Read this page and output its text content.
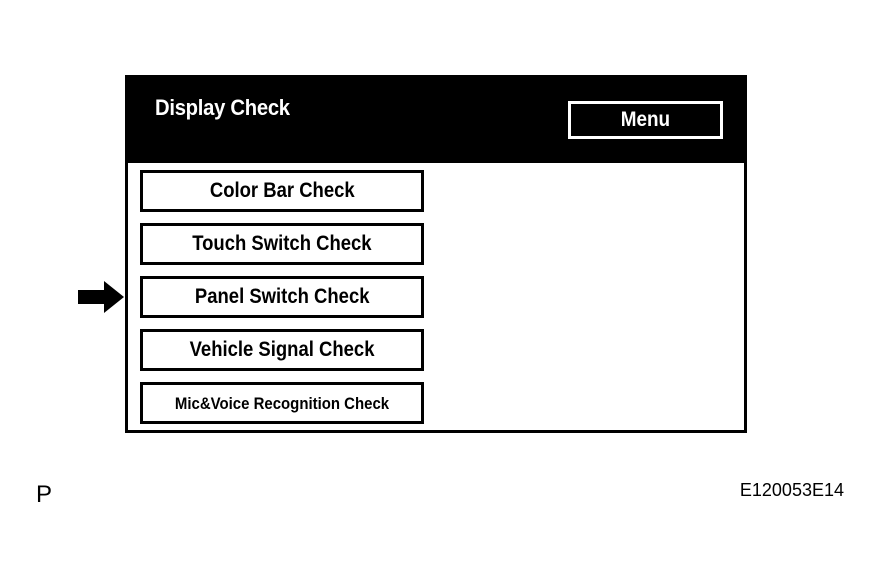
Display Check	Menu
Color Bar Check
Touch Switch Check
Panel Switch Check
Vehicle Signal Check
Mic&Voice Recognition Check
P	E120053E14
